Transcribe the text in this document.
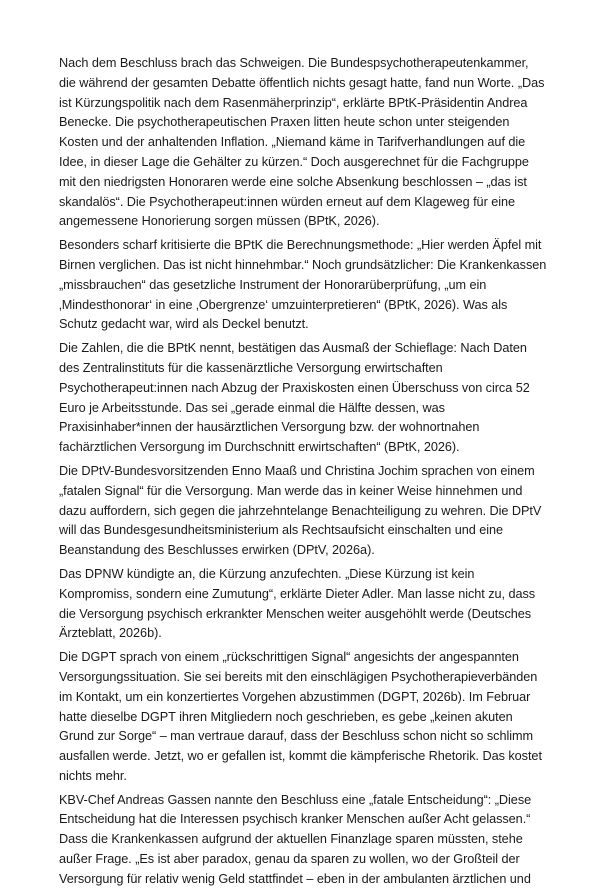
Nach dem Beschluss brach das Schweigen. Die Bundespsychotherapeutenkammer, die während der gesamten Debatte öffentlich nichts gesagt hatte, fand nun Worte. „Das ist Kürzungspolitik nach dem Rasenmäherprinzip“, erklärte BPtK-Präsidentin Andrea Benecke. Die psychotherapeutischen Praxen litten heute schon unter steigenden Kosten und der anhaltenden Inflation. „Niemand käme in Tarifverhandlungen auf die Idee, in dieser Lage die Gehälter zu kürzen.“ Doch ausgerechnet für die Fachgruppe mit den niedrigsten Honoraren werde eine solche Absenkung beschlossen – „das ist skandalös“. Die Psychotherapeut:innen würden erneut auf dem Klageweg für eine angemessene Honorierung sorgen müssen (BPtK, 2026).

Besonders scharf kritisierte die BPtK die Berechnungsmethode: „Hier werden Äpfel mit Birnen verglichen. Das ist nicht hinnehmbar.“ Noch grundsätzlicher: Die Krankenkassen „missbrauchen“ das gesetzliche Instrument der Honorarüberprüfung, „um ein ‚Mindesthonorar‘ in eine ‚Obergrenze‘ umzuinterpretieren“ (BPtK, 2026). Was als Schutz gedacht war, wird als Deckel benutzt.

Die Zahlen, die die BPtK nennt, bestätigen das Ausmaß der Schieflage: Nach Daten des Zentralinstituts für die kassenärztliche Versorgung erwirtschaften Psychotherapeut:innen nach Abzug der Praxiskosten einen Überschuss von circa 52 Euro je Arbeitsstunde. Das sei „gerade einmal die Hälfte dessen, was Praxisinhaber*innen der hausärztlichen Versorgung bzw. der wohnortnahen fachärztlichen Versorgung im Durchschnitt erwirtschaften“ (BPtK, 2026).

Die DPtV-Bundesvorsitzenden Enno Maaß und Christina Jochim sprachen von einem „fatalen Signal“ für die Versorgung. Man werde das in keiner Weise hinnehmen und dazu auffordern, sich gegen die jahrzehntelange Benachteiligung zu wehren. Die DPtV will das Bundesgesundheitsministerium als Rechtsaufsicht einschalten und eine Beanstandung des Beschlusses erwirken (DPtV, 2026a).

Das DPNW kündigte an, die Kürzung anzufechten. „Diese Kürzung ist kein Kompromiss, sondern eine Zumutung“, erklärte Dieter Adler. Man lasse nicht zu, dass die Versorgung psychisch erkrankter Menschen weiter ausgehöhlt werde (Deutsches Ärzteblatt, 2026b).

Die DGPT sprach von einem „rückschrittigen Signal“ angesichts der angespannten Versorgungssituation. Sie sei bereits mit den einschlägigen Psychotherapieverbänden im Kontakt, um ein konzertiertes Vorgehen abzustimmen (DGPT, 2026b). Im Februar hatte dieselbe DGPT ihren Mitgliedern noch geschrieben, es gebe „keinen akuten Grund zur Sorge“ – man vertraue darauf, dass der Beschluss schon nicht so schlimm ausfallen werde. Jetzt, wo er gefallen ist, kommt die kämpferische Rhetorik. Das kostet nichts mehr.

KBV-Chef Andreas Gassen nannte den Beschluss eine „fatale Entscheidung“: „Diese Entscheidung hat die Interessen psychisch kranker Menschen außer Acht gelassen.“ Dass die Krankenkassen aufgrund der aktuellen Finanzlage sparen müssten, stehe außer Frage. „Es ist aber paradox, genau da sparen zu wollen, wo der Großteil der Versorgung für relativ wenig Geld stattfindet – eben in der ambulanten ärztlichen und
